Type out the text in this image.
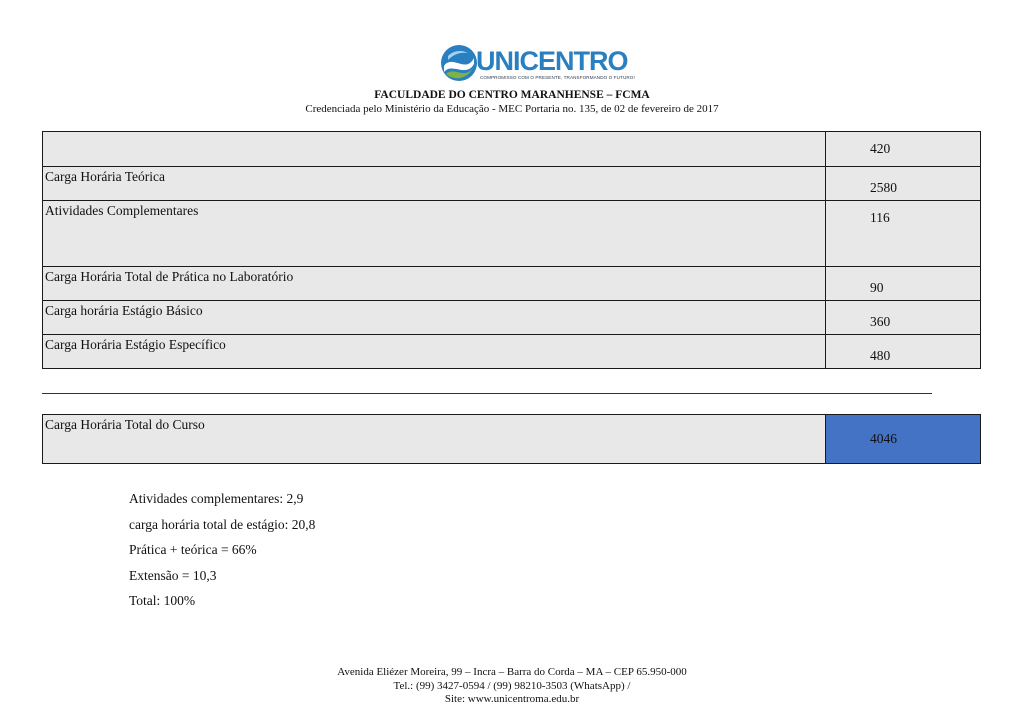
UNICENTRO
COMPROMISSO COM O PRESENTE, TRANSFORMANDO O FUTURO!
FACULDADE DO CENTRO MARANHENSE – FCMA
Credenciada pelo Ministério da Educação - MEC Portaria no. 135, de 02 de fevereiro de 2017
	420
Carga Horária Teórica	2580
Atividades Complementares	116
Carga Horária Total de Prática no Laboratório	90
Carga horária Estágio Básico	360
Carga Horária Estágio Específico	480
Carga Horária Total do Curso	4046
Atividades complementares: 2,9
carga horária total de estágio: 20,8
Prática + teórica = 66%
Extensão = 10,3
Total: 100%
Avenida Eliézer Moreira, 99 – Incra – Barra do Corda – MA – CEP 65.950-000
Tel.: (99) 3427-0594 / (99) 98210-3503 (WhatsApp) /
Site: www.unicentroma.edu.br
